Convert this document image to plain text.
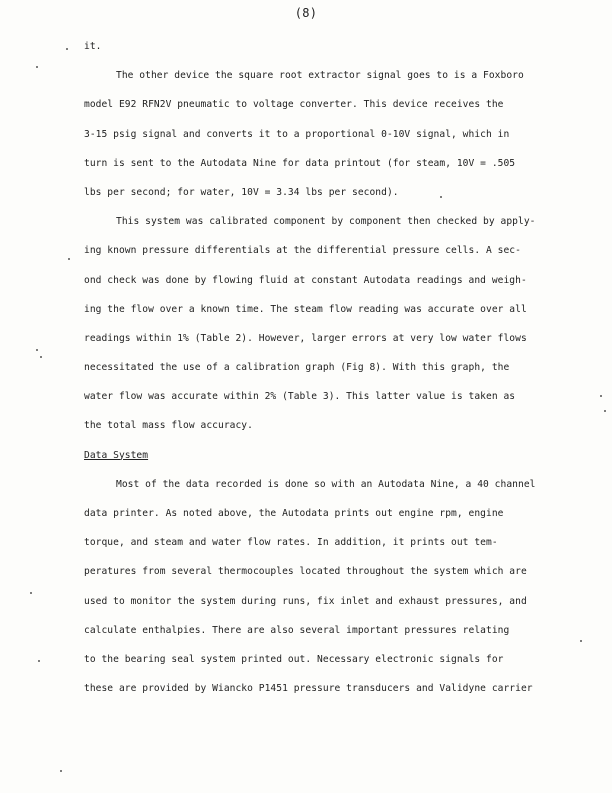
(8)
it.
The other device the square root extractor signal goes to is a Foxboro
model E92 RFN2V pneumatic to voltage converter. This device receives the
3-15 psig signal and converts it to a proportional 0-10V signal, which in
turn is sent to the Autodata Nine for data printout (for steam, 10V = .505
lbs per second; for water, 10V = 3.34 lbs per second).
This system was calibrated component by component then checked by apply-
ing known pressure differentials at the differential pressure cells. A sec-
ond check was done by flowing fluid at constant Autodata readings and weigh-
ing the flow over a known time. The steam flow reading was accurate over all
readings within 1% (Table 2). However, larger errors at very low water flows
necessitated the use of a calibration graph (Fig 8). With this graph, the
water flow was accurate within 2% (Table 3). This latter value is taken as
the total mass flow accuracy.
Data System
Most of the data recorded is done so with an Autodata Nine, a 40 channel
data printer. As noted above, the Autodata prints out engine rpm, engine
torque, and steam and water flow rates. In addition, it prints out tem-
peratures from several thermocouples located throughout the system which are
used to monitor the system during runs, fix inlet and exhaust pressures, and
calculate enthalpies. There are also several important pressures relating
to the bearing seal system printed out. Necessary electronic signals for
these are provided by Wiancko P1451 pressure transducers and Validyne carrier
